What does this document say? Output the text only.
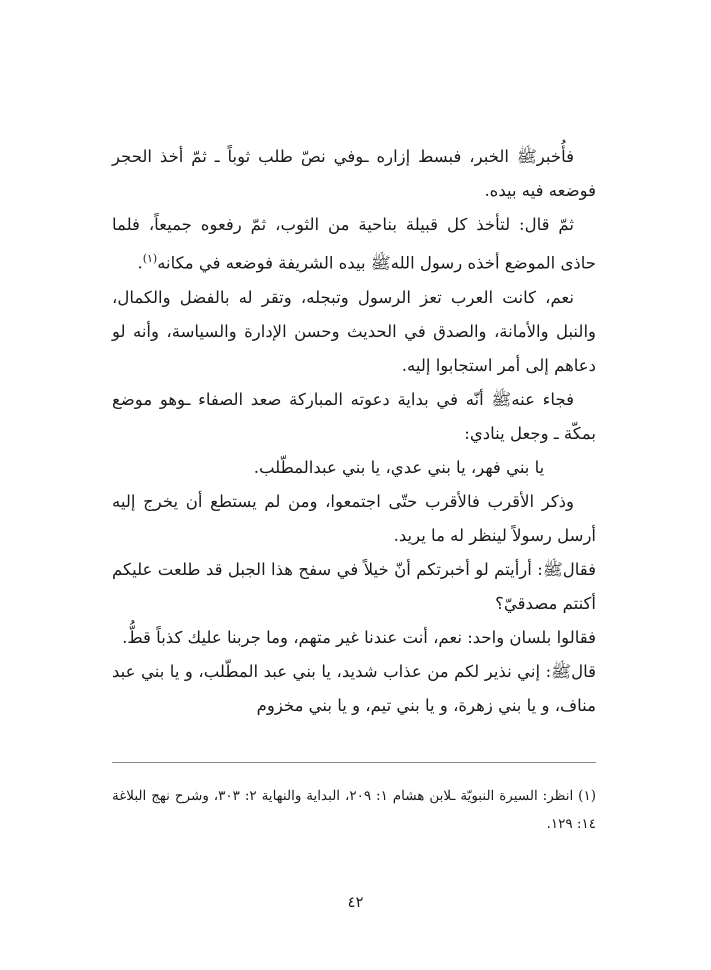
فأُخبرﷺ الخبر، فبسط إزاره ـوفي نصّ طلب ثوباً ـ ثمّ أخذ الحجر فوضعه فيه بيده.

ثمّ قال: لتأخذ كل قبيلة بناحية من الثوب، ثمّ رفعوه جميعاً، فلما حاذى الموضع أخذه رسول اللهﷺ بيده الشريفة فوضعه في مكانه$^{(١)}$.

نعم، كانت العرب تعز الرسول وتبجله، وتقر له بالفضل والكمال، والنبل والأمانة، والصدق في الحديث وحسن الإدارة والسياسة، وأنه لو دعاهم إلى أمر استجابوا إليه.

فجاء عنهﷺ أنّه في بداية دعوته المباركة صعد الصفاء ـوهو موضع بمكّة ـ وجعل ينادي:

يا بني فهر، يا بني عدي، يا بني عبدالمطّلب.

وذكر الأقرب فالأقرب حتّى اجتمعوا، ومن لم يستطع أن يخرج إليه أرسل رسولاً لينظر له ما يريد.

فقالﷺ: أرأيتم لو أخبرتكم أنّ خيلاً في سفح هذا الجبل قد طلعت عليكم أكنتم مصدقيّ؟

فقالوا بلسان واحد: نعم، أنت عندنا غير متهم، وما جربنا عليك كذباً قطُّ.

قالﷺ: إني نذير لكم من عذاب شديد، يا بني عبد المطّلب، و يا بني عبد مناف، و يا بني زهرة، و يا بني تيم، و يا بني مخزوم

(١) انظر: السيرة النبويّة ـلابن هشام ١: ٢٠٩، البداية والنهاية ٢: ٣٠٣، وشرح نهج البلاغة ١٤: ١٢٩.

٤٢
